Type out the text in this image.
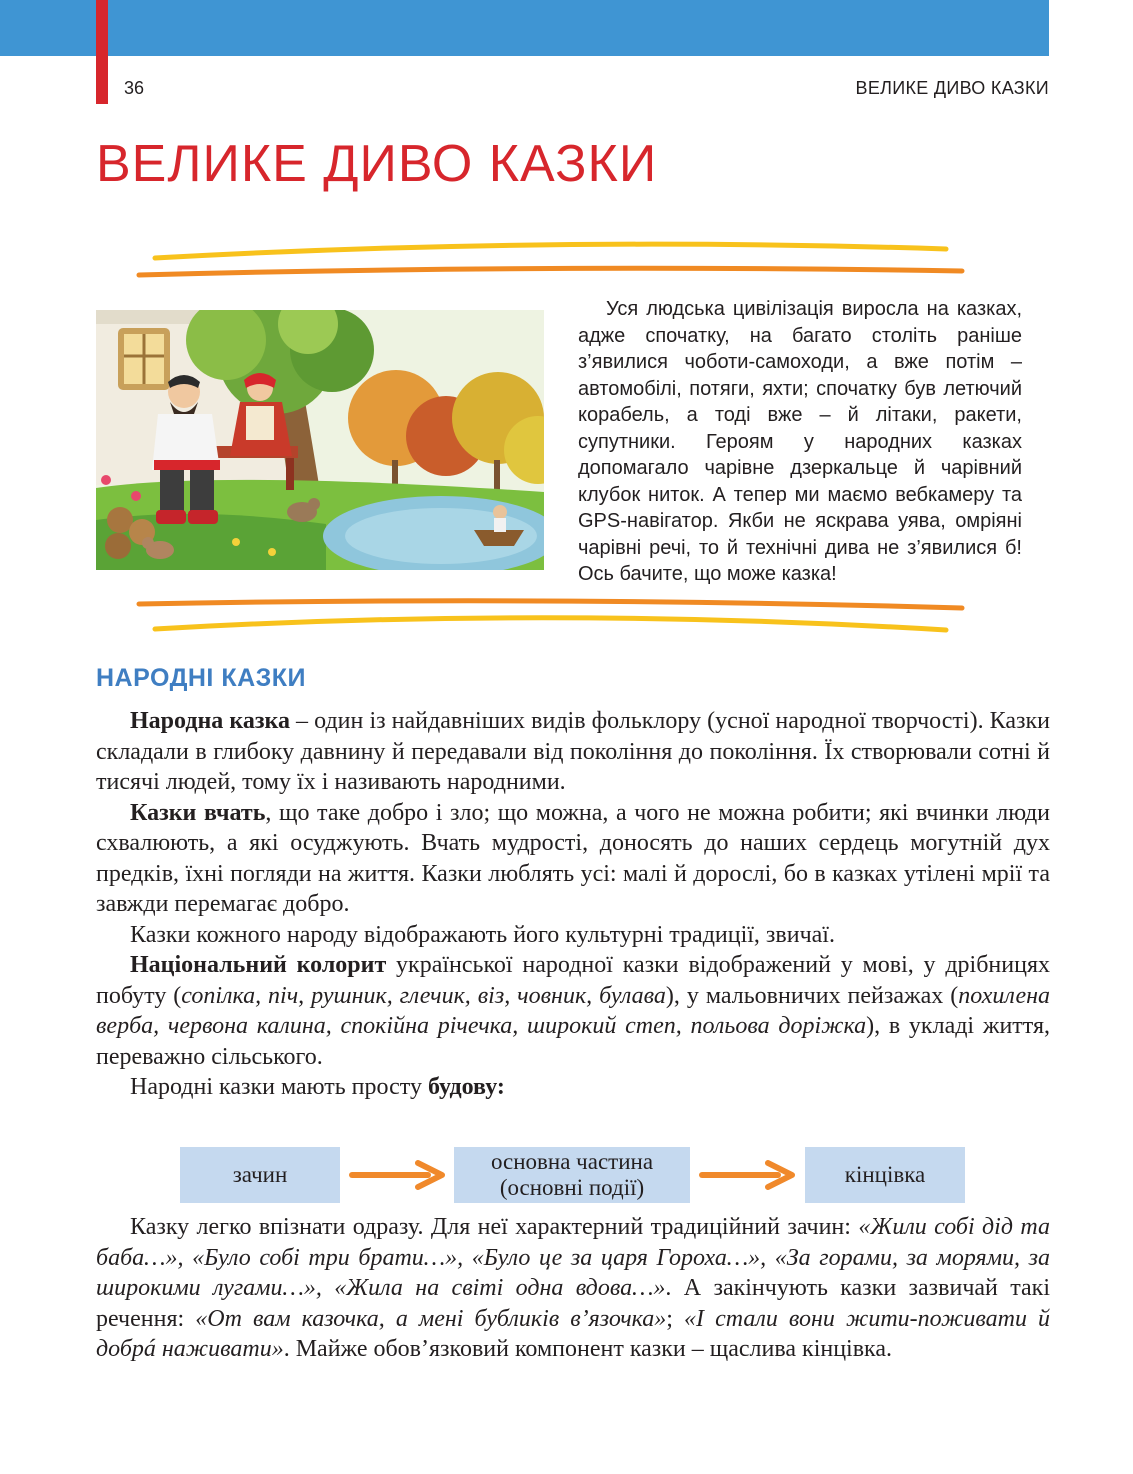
36	ВЕЛИКЕ ДИВО КАЗКИ
ВЕЛИКЕ ДИВО КАЗКИ

Уся людська цивілізація виросла на казках, адже спочатку, на багато століть раніше з’явилися чоботи-самоходи, а вже потім – автомобілі, потяги, яхти; спочатку був летючий корабель, а тоді вже – й літаки, ракети, супутники. Героям у народних казках допомагало чарівне дзеркальце й чарівний клубок ниток. А тепер ми маємо вебкамеру та GPS-навігатор. Якби не яскрава уява, омріяні чарівні речі, то й технічні дива не з’явилися б! Ось бачите, що може казка!

НАРОДНІ КАЗКИ

Народна казка – один із найдавніших видів фольклору (усної народної творчості). Казки складали в глибоку давнину й передавали від покоління до покоління. Їх створювали сотні й тисячі людей, тому їх і називають народними.

Казки вчать, що таке добро і зло; що можна, а чого не можна робити; які вчинки люди схвалюють, а які осуджують. Вчать мудрості, доносять до наших сердець могутній дух предків, їхні погляди на життя. Казки люблять усі: малі й дорослі, бо в казках утілені мрії та завжди перемагає добро.

Казки кожного народу відображають його культурні традиції, звичаї.

Національний колорит української народної казки відображений у мові, у дрібницях побуту (сопілка, піч, рушник, глечик, віз, човник, булава), у мальовничих пейзажах (похилена верба, червона калина, спокійна річечка, широкий степ, польова доріжка), в укладі життя, переважно сільського.

Народні казки мають просту будову:

зачин
основна частина
(основні події)
кінцівка

Казку легко впізнати одразу. Для неї характерний традиційний зачин: «Жили собі дід та баба…», «Було собі три брати…», «Було це за царя Гороха…», «За горами, за морями, за широкими лугами…», «Жила на світі одна вдова…». А закінчують казки зазвичай такі речення: «От вам казочка, а мені бубликів в’язочка»; «І стали вони жити-поживати й добрá наживати». Майже обов’язковий компонент казки – щаслива кінцівка.
